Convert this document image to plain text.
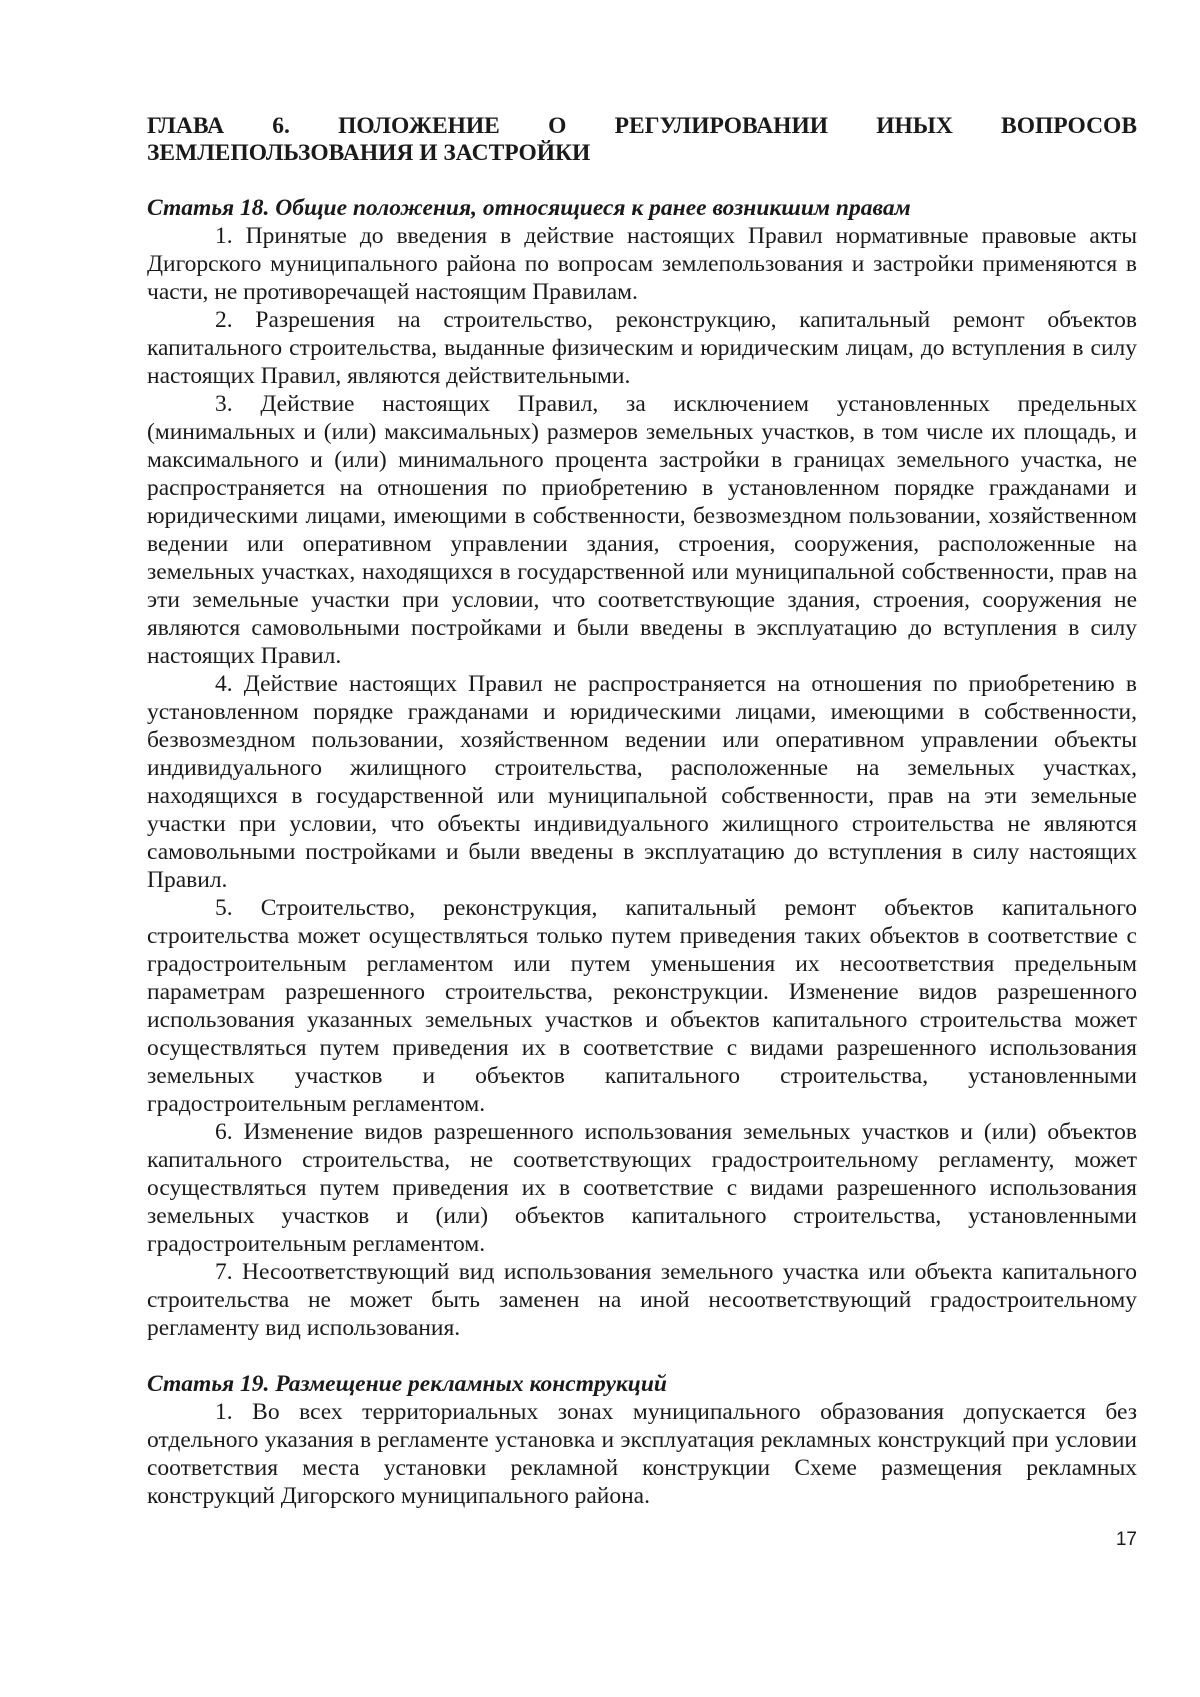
ГЛАВА 6. ПОЛОЖЕНИЕ О РЕГУЛИРОВАНИИ ИНЫХ ВОПРОСОВ
ЗЕМЛЕПОЛЬЗОВАНИЯ И ЗАСТРОЙКИ
Статья 18. Общие положения, относящиеся к ранее возникшим правам

1. Принятые до введения в действие настоящих Правил нормативные правовые акты Дигорского муниципального района по вопросам землепользования и застройки применяются в части, не противоречащей настоящим Правилам.

2. Разрешения на строительство, реконструкцию, капитальный ремонт объектов капитального строительства, выданные физическим и юридическим лицам, до вступления в силу настоящих Правил, являются действительными.

3. Действие настоящих Правил, за исключением установленных предельных (минимальных и (или) максимальных) размеров земельных участков, в том числе их площадь, и максимального и (или) минимального процента застройки в границах земельного участка, не распространяется на отношения по приобретению в установленном порядке гражданами и юридическими лицами, имеющими в собственности, безвозмездном пользовании, хозяйственном ведении или оперативном управлении здания, строения, сооружения, расположенные на земельных участках, находящихся в государственной или муниципальной собственности, прав на эти земельные участки при условии, что соответствующие здания, строения, сооружения не являются самовольными постройками и были введены в эксплуатацию до вступления в силу настоящих Правил.

4. Действие настоящих Правил не распространяется на отношения по приобретению в установленном порядке гражданами и юридическими лицами, имеющими в собственности, безвозмездном пользовании, хозяйственном ведении или оперативном управлении объекты индивидуального жилищного строительства, расположенные на земельных участках, находящихся в государственной или муниципальной собственности, прав на эти земельные участки при условии, что объекты индивидуального жилищного строительства не являются самовольными постройками и были введены в эксплуатацию до вступления в силу настоящих Правил.

5. Строительство, реконструкция, капитальный ремонт объектов капитального строительства может осуществляться только путем приведения таких объектов в соответствие с градостроительным регламентом или путем уменьшения их несоответствия предельным параметрам разрешенного строительства, реконструкции. Изменение видов разрешенного использования указанных земельных участков и объектов капитального строительства может осуществляться путем приведения их в соответствие с видами разрешенного использования земельных участков и объектов капитального строительства, установленными градостроительным регламентом.

6. Изменение видов разрешенного использования земельных участков и (или) объектов капитального строительства, не соответствующих градостроительному регламенту, может осуществляться путем приведения их в соответствие с видами разрешенного использования земельных участков и (или) объектов капитального строительства, установленными градостроительным регламентом.

7. Несоответствующий вид использования земельного участка или объекта капитального строительства не может быть заменен на иной несоответствующий градостроительному регламенту вид использования.

Статья 19. Размещение рекламных конструкций

1. Во всех территориальных зонах муниципального образования допускается без отдельного указания в регламенте установка и эксплуатация рекламных конструкций при условии соответствия места установки рекламной конструкции Схеме размещения рекламных конструкций Дигорского муниципального района.

17
